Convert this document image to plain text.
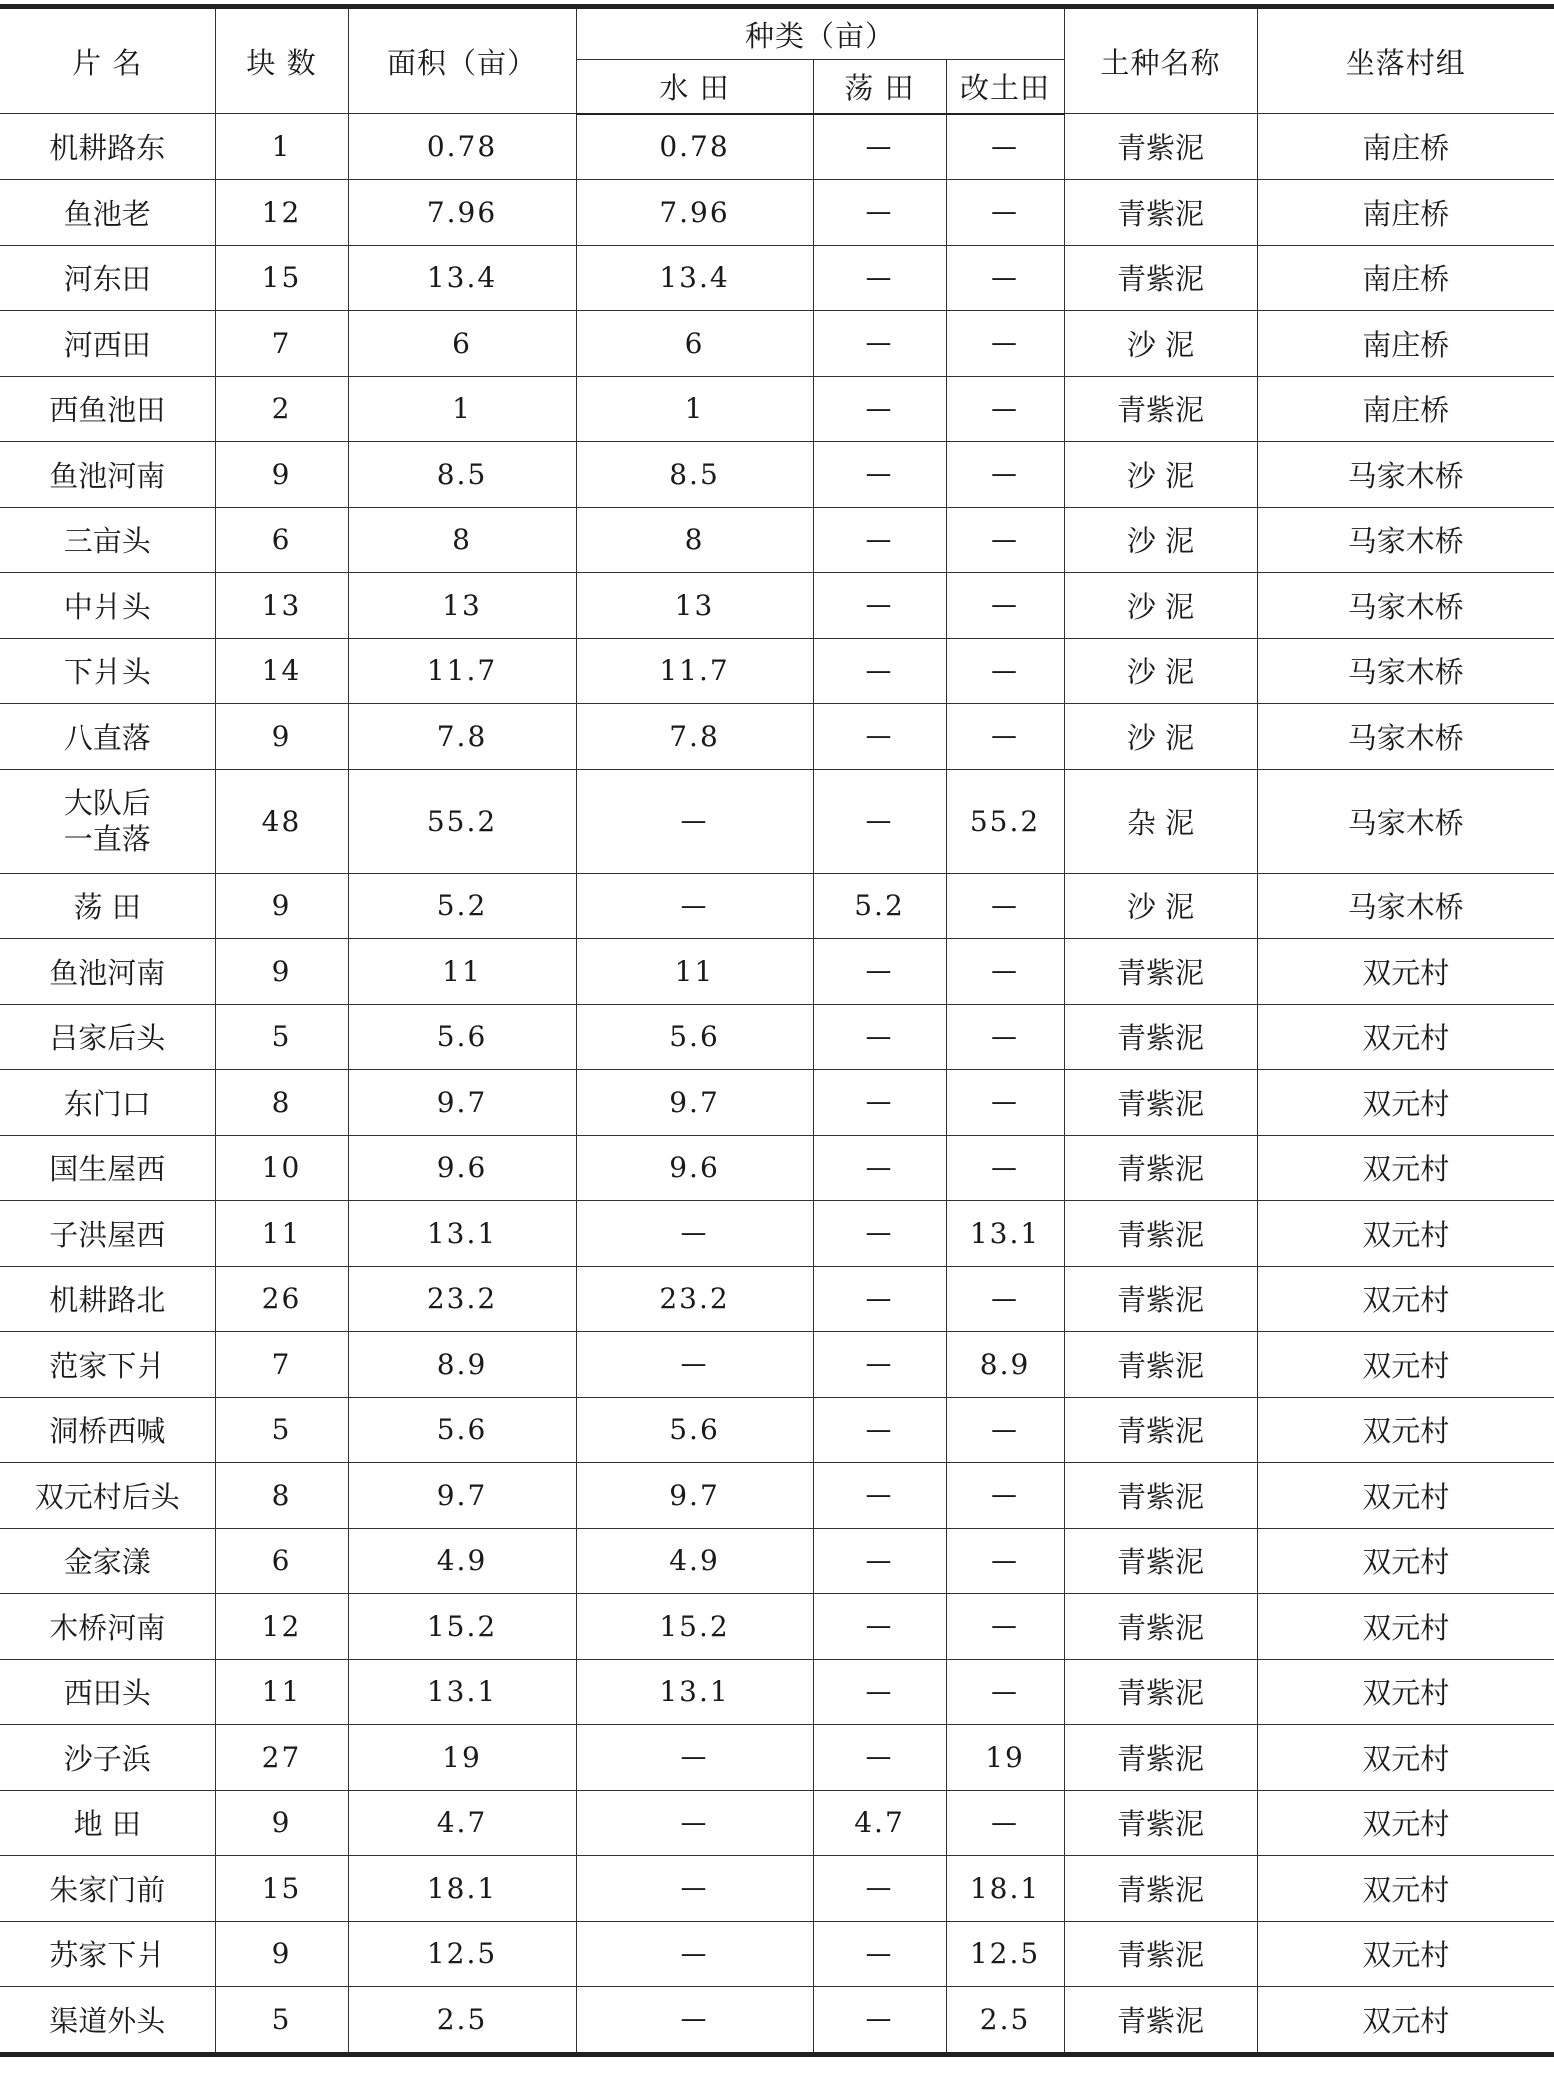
片 名	块 数	面积（亩）	种类（亩）			土种名称	坐落村组
			水 田	荡 田	改土田		
机耕路东	1	0.78	0.78	—	—	青紫泥	南庄桥
鱼池老	12	7.96	7.96	—	—	青紫泥	南庄桥
河东田	15	13.4	13.4	—	—	青紫泥	南庄桥
河西田	7	6	6	—	—	沙 泥	南庄桥
西鱼池田	2	1	1	—	—	青紫泥	南庄桥
鱼池河南	9	8.5	8.5	—	—	沙 泥	马家木桥
三亩头	6	8	8	—	—	沙 泥	马家木桥
中爿头	13	13	13	—	—	沙 泥	马家木桥
下爿头	14	11.7	11.7	—	—	沙 泥	马家木桥
八直落	9	7.8	7.8	—	—	沙 泥	马家木桥
大队后
一直落	48	55.2	—	—	55.2	杂 泥	马家木桥
荡 田	9	5.2	—	5.2	—	沙 泥	马家木桥
鱼池河南	9	11	11	—	—	青紫泥	双元村
吕家后头	5	5.6	5.6	—	—	青紫泥	双元村
东门口	8	9.7	9.7	—	—	青紫泥	双元村
国生屋西	10	9.6	9.6	—	—	青紫泥	双元村
子洪屋西	11	13.1	—	—	13.1	青紫泥	双元村
机耕路北	26	23.2	23.2	—	—	青紫泥	双元村
范家下爿	7	8.9	—	—	8.9	青紫泥	双元村
洞桥西喊	5	5.6	5.6	—	—	青紫泥	双元村
双元村后头	8	9.7	9.7	—	—	青紫泥	双元村
金家漾	6	4.9	4.9	—	—	青紫泥	双元村
木桥河南	12	15.2	15.2	—	—	青紫泥	双元村
西田头	11	13.1	13.1	—	—	青紫泥	双元村
沙子浜	27	19	—	—	19	青紫泥	双元村
地 田	9	4.7	—	4.7	—	青紫泥	双元村
朱家门前	15	18.1	—	—	18.1	青紫泥	双元村
苏家下爿	9	12.5	—	—	12.5	青紫泥	双元村
渠道外头	5	2.5	—	—	2.5	青紫泥	双元村
